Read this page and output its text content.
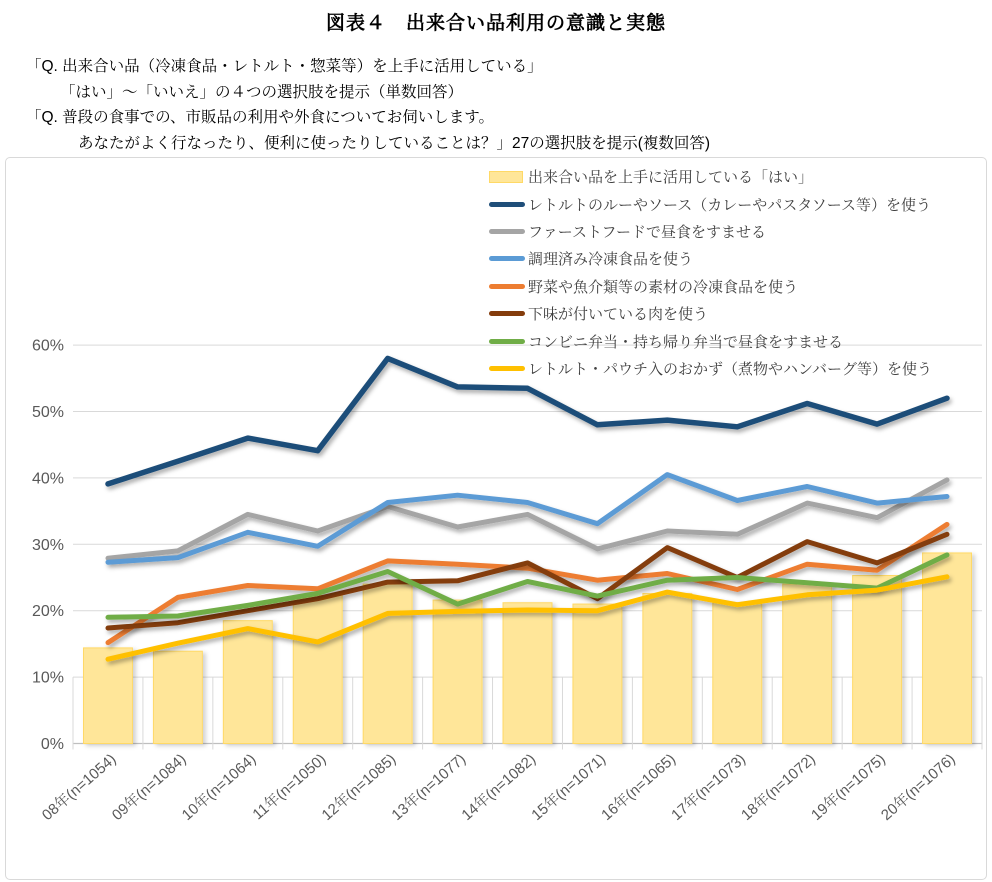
図表４　出来合い品利用の意識と実態
「Q. 出来合い品（冷凍食品・レトルト・惣菜等）を上手に活用している」
「はい」～「いいえ」の４つの選択肢を提示（単数回答）
「Q. 普段の食事での、市販品の利用や外食についてお伺いします。
あなたがよく行なったり、便利に使ったりしていることは？」27の選択肢を提示(複数回答)
出来合い品を上手に活用している「はい」
レトルトのルーやソース（カレーやパスタソース等）を使う
ファーストフードで昼食をすませる
調理済み冷凍食品を使う
野菜や魚介類等の素材の冷凍食品を使う
下味が付いている肉を使う
コンビニ弁当・持ち帰り弁当で昼食をすませる
レトルト・パウチ入のおかず（煮物やハンバーグ等）を使う
0%
10%
20%
30%
40%
50%
60%
08年(n=1054)
09年(n=1084)
10年(n=1064)
11年(n=1050)
12年(n=1085)
13年(n=1077)
14年(n=1082)
15年(n=1071)
16年(n=1065)
17年(n=1073)
18年(n=1072)
19年(n=1075)
20年(n=1076)
